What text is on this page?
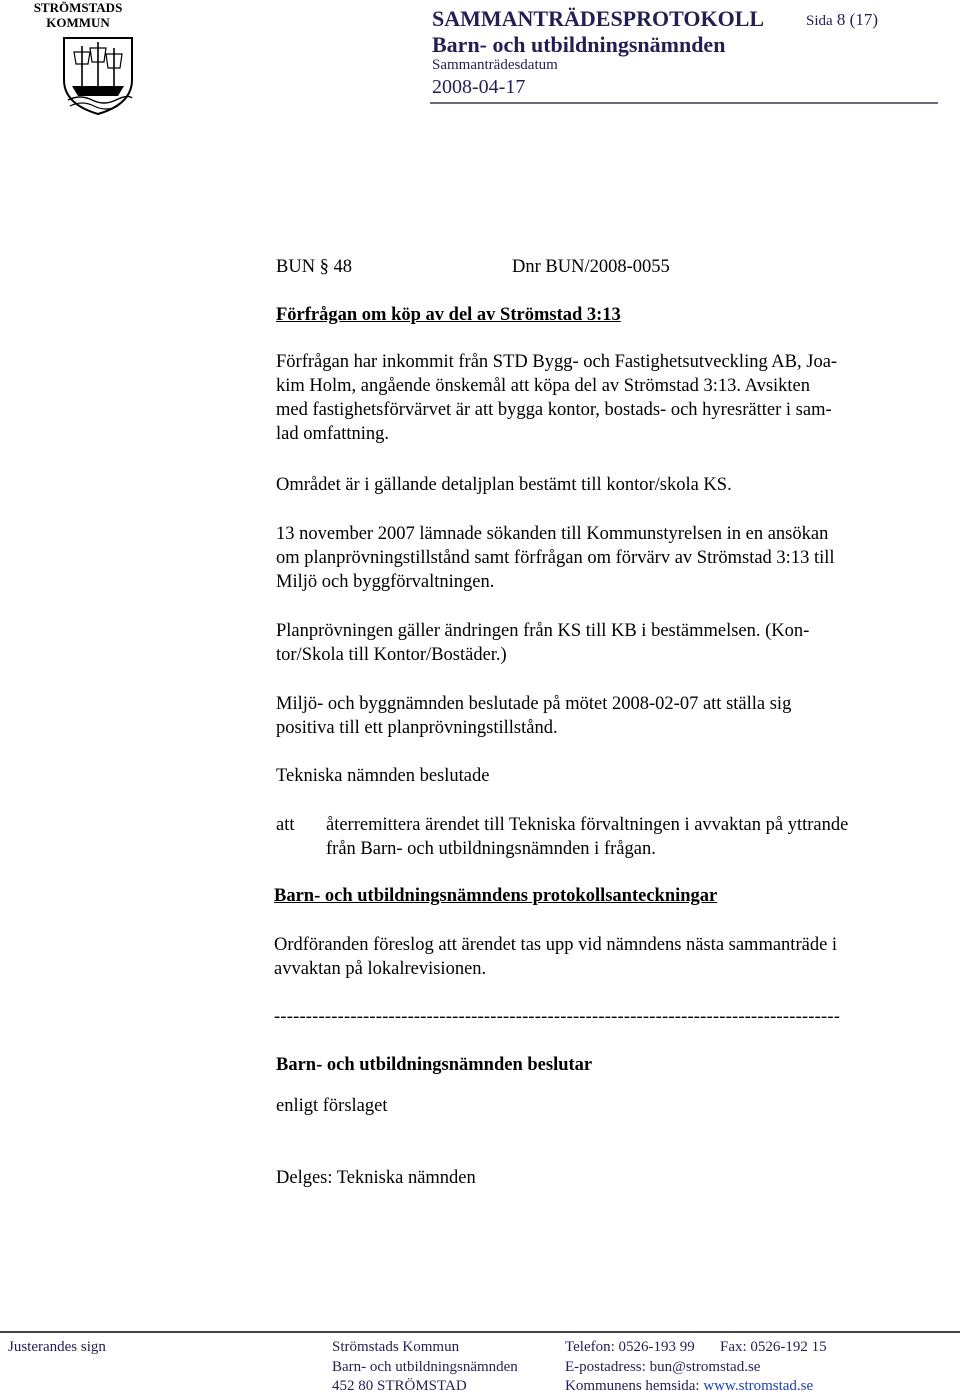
STRÖMSTADS
KOMMUN	SAMMANTRÄDESPROTOKOLL	Sida 8 (17)
Barn- och utbildningsnämnden
Sammanträdesdatum
2008-04-17
BUN § 48	Dnr BUN/2008-0055
Förfrågan om köp av del av Strömstad 3:13
Förfrågan har inkommit från STD Bygg- och Fastighetsutveckling AB, Joa-
kim Holm, angående önskemål att köpa del av Strömstad 3:13. Avsikten
med fastighetsförvärvet är att bygga kontor, bostads- och hyresrätter i sam-
lad omfattning.
Området är i gällande detaljplan bestämt till kontor/skola KS.
13 november 2007 lämnade sökanden till Kommunstyrelsen in en ansökan
om planprövningstillstånd samt förfrågan om förvärv av Strömstad 3:13 till
Miljö och byggförvaltningen.
Planprövningen gäller ändringen från KS till KB i bestämmelsen. (Kon-
tor/Skola till Kontor/Bostäder.)
Miljö- och byggnämnden beslutade på mötet 2008-02-07 att ställa sig
positiva till ett planprövningstillstånd.
Tekniska nämnden beslutade
att återremittera ärendet till Tekniska förvaltningen i avvaktan på yttrande
från Barn- och utbildningsnämnden i frågan.
Barn- och utbildningsnämndens protokollsanteckningar
Ordföranden föreslog att ärendet tas upp vid nämndens nästa sammanträde i
avvaktan på lokalrevisionen.
-----------------------------------------------------------------------------------------
Barn- och utbildningsnämnden beslutar
enligt förslaget
Delges: Tekniska nämnden
Justerandes sign	Strömstads Kommun
Barn- och utbildningsnämnden
452 80 STRÖMSTAD
Telefon: 0526-193 99 Fax: 0526-192 15
E-postadress: bun@stromstad.se
Kommunens hemsida: www.stromstad.se
